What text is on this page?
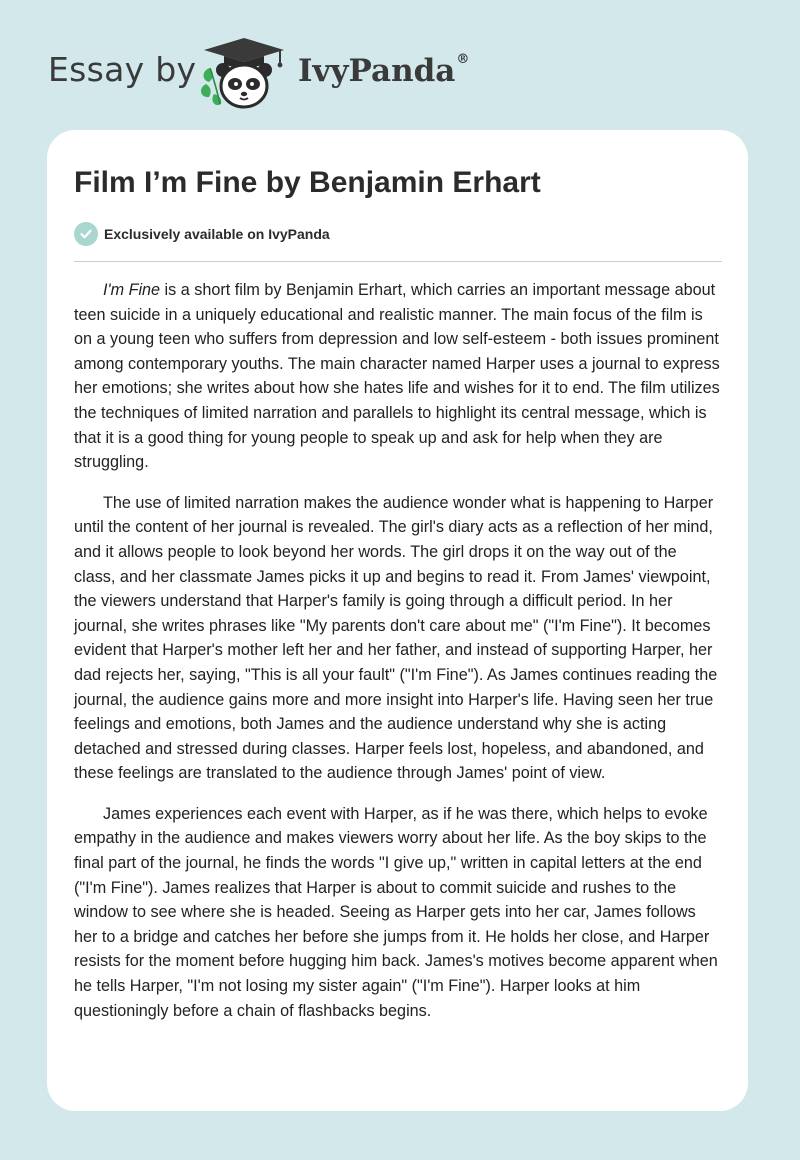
Essay by	IvyPanda®
Film I’m Fine by Benjamin Erhart
Exclusively available on IvyPanda

I'm Fine is a short film by Benjamin Erhart, which carries an important message about teen suicide in a uniquely educational and realistic manner. The main focus of the film is on a young teen who suffers from depression and low self-esteem - both issues prominent among contemporary youths. The main character named Harper uses a journal to express her emotions; she writes about how she hates life and wishes for it to end. The film utilizes the techniques of limited narration and parallels to highlight its central message, which is that it is a good thing for young people to speak up and ask for help when they are struggling.

The use of limited narration makes the audience wonder what is happening to Harper until the content of her journal is revealed. The girl's diary acts as a reflection of her mind, and it allows people to look beyond her words. The girl drops it on the way out of the class, and her classmate James picks it up and begins to read it. From James' viewpoint, the viewers understand that Harper's family is going through a difficult period. In her journal, she writes phrases like "My parents don't care about me" ("I'm Fine"). It becomes evident that Harper's mother left her and her father, and instead of supporting Harper, her dad rejects her, saying, "This is all your fault" ("I'm Fine"). As James continues reading the journal, the audience gains more and more insight into Harper's life. Having seen her true feelings and emotions, both James and the audience understand why she is acting detached and stressed during classes. Harper feels lost, hopeless, and abandoned, and these feelings are translated to the audience through James' point of view.

James experiences each event with Harper, as if he was there, which helps to evoke empathy in the audience and makes viewers worry about her life. As the boy skips to the final part of the journal, he finds the words "I give up," written in capital letters at the end ("I'm Fine"). James realizes that Harper is about to commit suicide and rushes to the window to see where she is headed. Seeing as Harper gets into her car, James follows her to a bridge and catches her before she jumps from it. He holds her close, and Harper resists for the moment before hugging him back. James's motives become apparent when he tells Harper, "I'm not losing my sister again" ("I'm Fine"). Harper looks at him questioningly before a chain of flashbacks begins.
